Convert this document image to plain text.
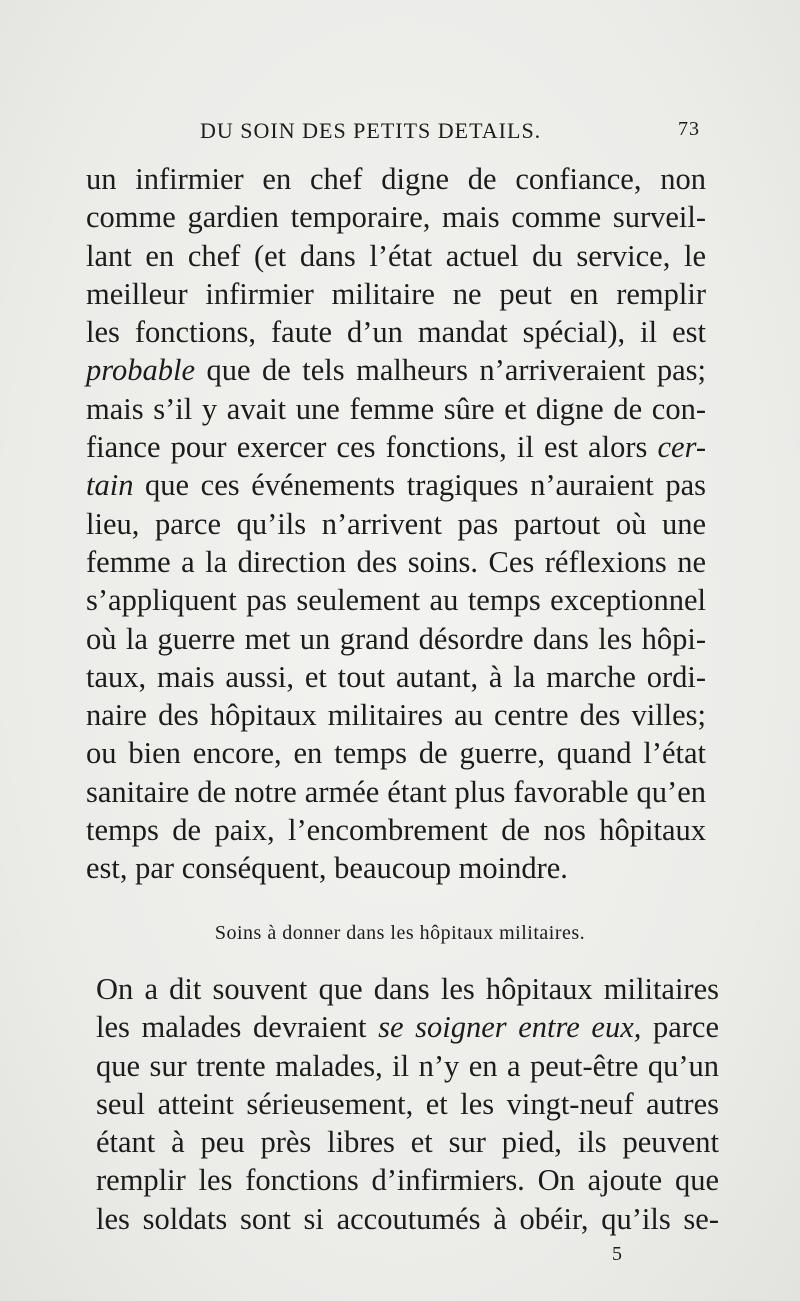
DU SOIN DES PETITS DETAILS.	73
un infirmier en chef digne de confiance, non
comme gardien temporaire, mais comme surveil-
lant en chef (et dans l’état actuel du service, le
meilleur infirmier militaire ne peut en remplir
les fonctions, faute d’un mandat spécial), il est
probable que de tels malheurs n’arriveraient pas;
mais s’il y avait une femme sûre et digne de con-
fiance pour exercer ces fonctions, il est alors cer-
tain que ces événements tragiques n’auraient pas
lieu, parce qu’ils n’arrivent pas partout où une
femme a la direction des soins. Ces réflexions ne
s’appliquent pas seulement au temps exceptionnel
où la guerre met un grand désordre dans les hôpi-
taux, mais aussi, et tout autant, à la marche ordi-
naire des hôpitaux militaires au centre des villes;
ou bien encore, en temps de guerre, quand l’état
sanitaire de notre armée étant plus favorable qu’en
temps de paix, l’encombrement de nos hôpitaux
est, par conséquent, beaucoup moindre.
Soins à donner dans les hôpitaux militaires.
On a dit souvent que dans les hôpitaux militaires
les malades devraient se soigner entre eux, parce
que sur trente malades, il n’y en a peut-être qu’un
seul atteint sérieusement, et les vingt-neuf autres
étant à peu près libres et sur pied, ils peuvent
remplir les fonctions d’infirmiers. On ajoute que
les soldats sont si accoutumés à obéir, qu’ils se-
5
